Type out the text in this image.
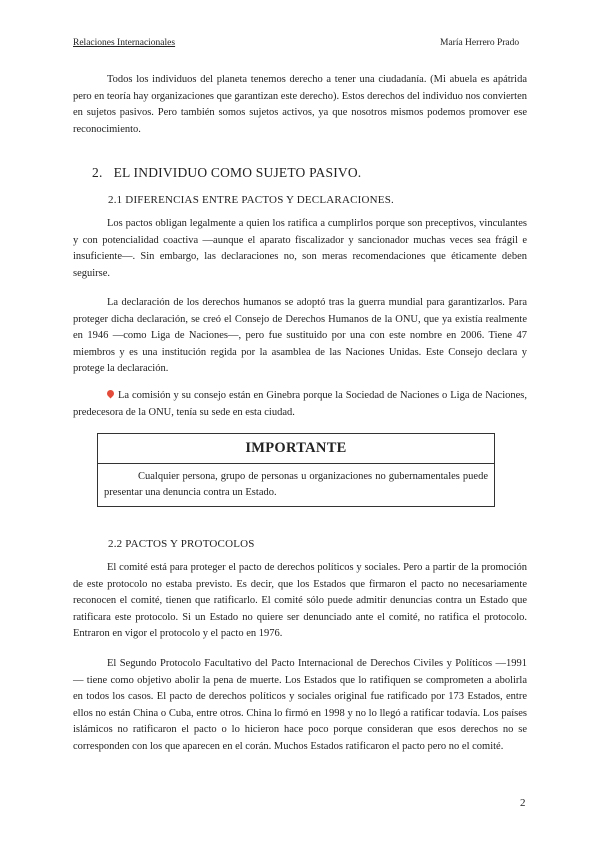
Relaciones Internacionales	María Herrero Prado

Todos los individuos del planeta tenemos derecho a tener una ciudadanía. (Mi abuela es apátrida pero en teoría hay organizaciones que garantizan este derecho). Estos derechos del individuo nos convierten en sujetos pasivos. Pero también somos sujetos activos, ya que nosotros mismos podemos promover ese reconocimiento.

2. EL INDIVIDUO COMO SUJETO PASIVO.
2.1 DIFERENCIAS ENTRE PACTOS Y DECLARACIONES.

Los pactos obligan legalmente a quien los ratifica a cumplirlos porque son preceptivos, vinculantes y con potencialidad coactiva —aunque el aparato fiscalizador y sancionador muchas veces sea frágil e insuficiente—. Sin embargo, las declaraciones no, son meras recomendaciones que éticamente deben seguirse.

La declaración de los derechos humanos se adoptó tras la guerra mundial para garantizarlos. Para proteger dicha declaración, se creó el Consejo de Derechos Humanos de la ONU, que ya existía realmente en 1946 —como Liga de Naciones—, pero fue sustituido por una con este nombre en 2006. Tiene 47 miembros y es una institución regida por la asamblea de las Naciones Unidas. Este Consejo declara y protege la declaración.

La comisión y su consejo están en Ginebra porque la Sociedad de Naciones o Liga de Naciones, predecesora de la ONU, tenía su sede en esta ciudad.

IMPORTANTE
Cualquier persona, grupo de personas u organizaciones no gubernamentales puede presentar una denuncia contra un Estado.
2.2 PACTOS Y PROTOCOLOS

El comité está para proteger el pacto de derechos políticos y sociales. Pero a partir de la promoción de este protocolo no estaba previsto. Es decir, que los Estados que firmaron el pacto no necesariamente reconocen el comité, tienen que ratificarlo. El comité sólo puede admitir denuncias contra un Estado que ratificara este protocolo. Si un Estado no quiere ser denunciado ante el comité, no ratifica el protocolo. Entraron en vigor el protocolo y el pacto en 1976.

El Segundo Protocolo Facultativo del Pacto Internacional de Derechos Civiles y Políticos —1991— tiene como objetivo abolir la pena de muerte. Los Estados que lo ratifiquen se comprometen a abolirla en todos los casos. El pacto de derechos políticos y sociales original fue ratificado por 173 Estados, entre ellos no están China o Cuba, entre otros. China lo firmó en 1998 y no lo llegó a ratificar todavía. Los países islámicos no ratificaron el pacto o lo hicieron hace poco porque consideran que esos derechos no se corresponden con los que aparecen en el corán. Muchos Estados ratificaron el pacto pero no el comité.

2
